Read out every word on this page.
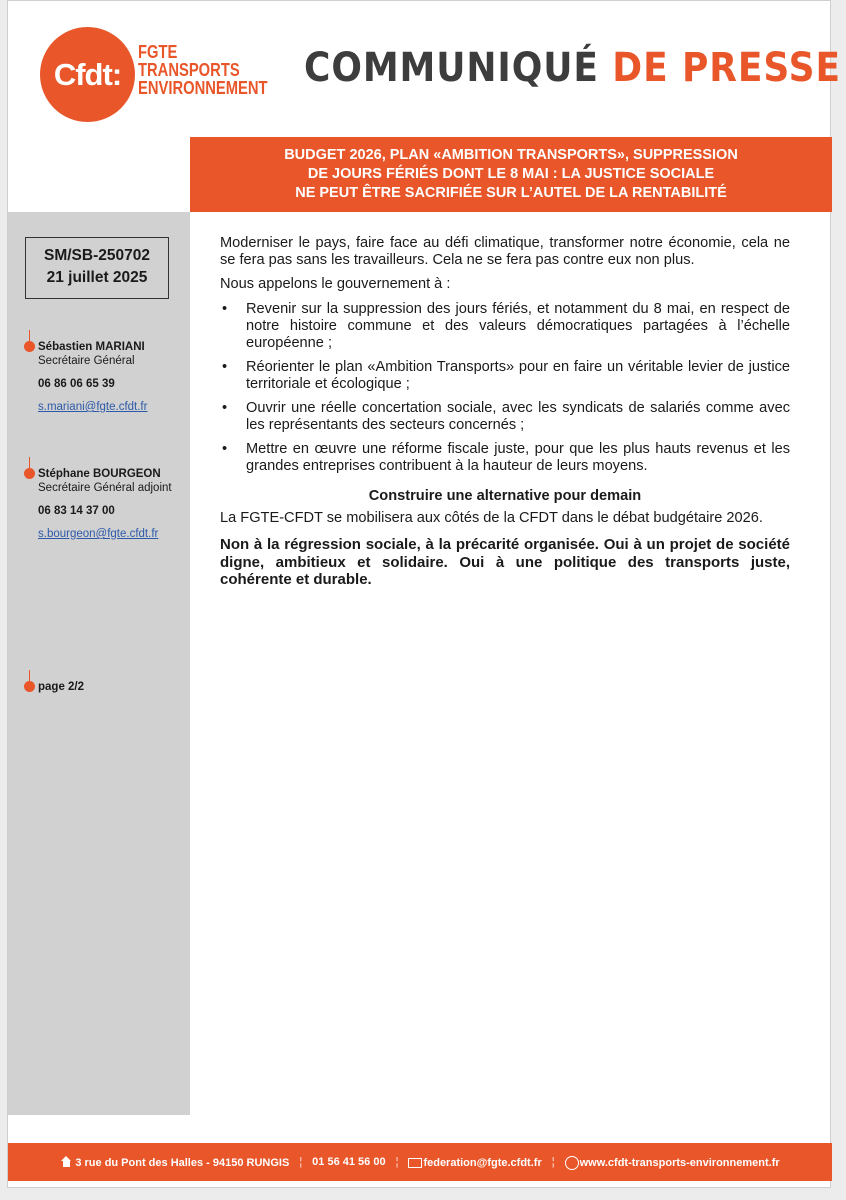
Cfdt:
FGTE
TRANSPORTS
ENVIRONNEMENT COMMUNIQUÉ DE PRESSE
BUDGET 2026, PLAN «AMBITION TRANSPORTS», SUPPRESSION
DE JOURS FÉRIÉS DONT LE 8 MAI : LA JUSTICE SOCIALE
NE PEUT ÊTRE SACRIFIÉE SUR L’AUTEL DE LA RENTABILITÉ
SM/SB-250702
21 juillet 2025
Sébastien MARIANI
Secrétaire Général
06 86 06 65 39
s.mariani@fgte.cfdt.fr
Stéphane BOURGEON
Secrétaire Général adjoint
06 83 14 37 00
s.bourgeon@fgte.cfdt.fr
page 2/2

Moderniser le pays, faire face au défi climatique, transformer notre économie, cela ne se fera pas sans les travailleurs. Cela ne se fera pas contre eux non plus.

Nous appelons le gouvernement à :

• Revenir sur la suppression des jours fériés, et notamment du 8 mai, en respect de notre histoire commune et des valeurs démocratiques partagées à l’échelle européenne ;
• Réorienter le plan «Ambition Transports» pour en faire un véritable levier de justice territoriale et écologique ;
• Ouvrir une réelle concertation sociale, avec les syndicats de salariés comme avec les représentants des secteurs concernés ;
• Mettre en œuvre une réforme fiscale juste, pour que les plus hauts revenus et les grandes entreprises contribuent à la hauteur de leurs moyens.

Construire une alternative pour demain

La FGTE-CFDT se mobilisera aux côtés de la CFDT dans le débat budgétaire 2026.

Non à la régression sociale, à la précarité organisée. Oui à un projet de société digne, ambitieux et solidaire. Oui à une politique des transports juste, cohérente et durable.

3 rue du Pont des Halles - 94150 RUNGIS ¦ 01 56 41 56 00 ¦	federation@fgte.cfdt.fr ¦	www.cfdt-transports-environnement.fr
